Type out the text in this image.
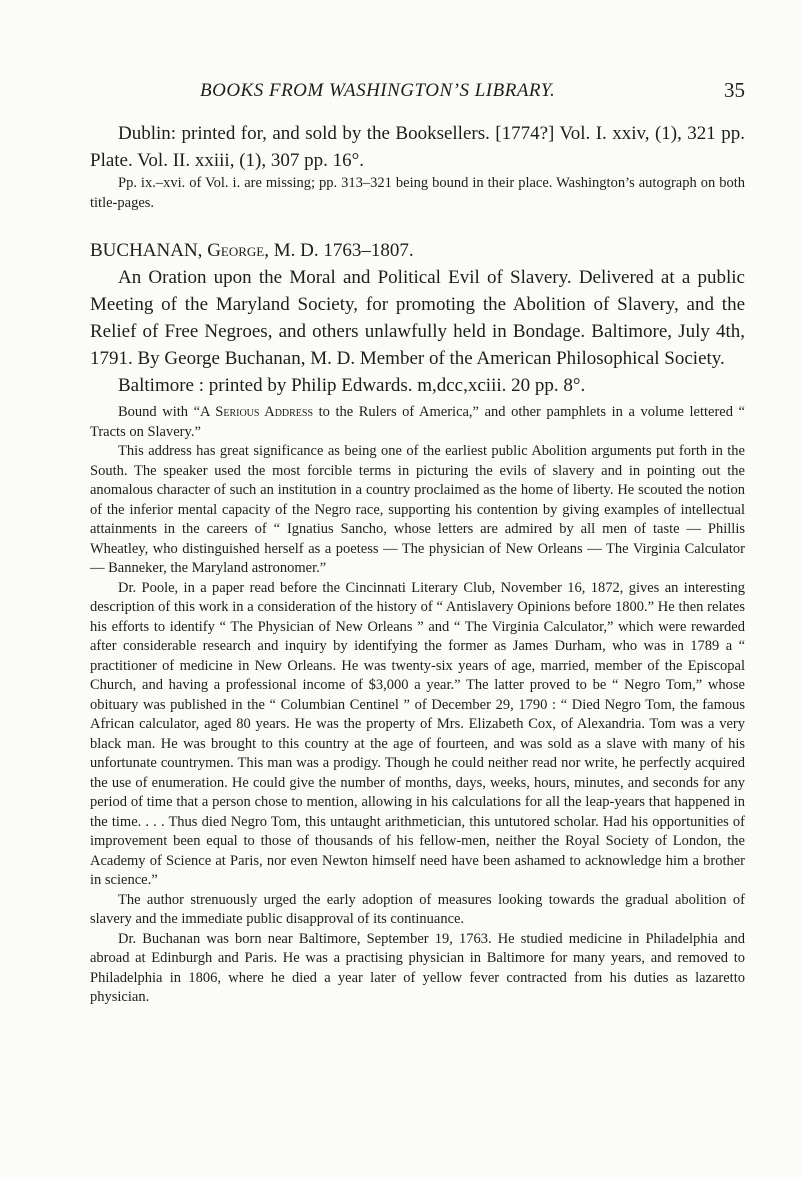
BOOKS FROM WASHINGTON’S LIBRARY.	35

Dublin: printed for, and sold by the Booksellers. [1774?] Vol. I. xxiv, (1), 321 pp. Plate. Vol. II. xxiii, (1), 307 pp. 16°.

Pp. ix.–xvi. of Vol. i. are missing; pp. 313–321 being bound in their place. Washington’s autograph on both title-pages.

BUCHANAN, George, M. D. 1763–1807.

An Oration upon the Moral and Political Evil of Slavery. Delivered at a public Meeting of the Maryland Society, for promoting the Abolition of Slavery, and the Relief of Free Negroes, and others unlawfully held in Bondage. Baltimore, July 4th, 1791. By George Buchanan, M. D. Member of the American Philosophical Society.

Baltimore : printed by Philip Edwards. m,dcc,xciii. 20 pp. 8°.

Bound with “A Serious Address to the Rulers of America,” and other pamphlets in a volume lettered “ Tracts on Slavery.”

This address has great significance as being one of the earliest public Abolition arguments put forth in the South. The speaker used the most forcible terms in picturing the evils of slavery and in pointing out the anomalous character of such an institution in a country proclaimed as the home of liberty. He scouted the notion of the inferior mental capacity of the Negro race, supporting his contention by giving examples of intellectual attainments in the careers of “ Ignatius Sancho, whose letters are admired by all men of taste — Phillis Wheatley, who distinguished herself as a poetess — The physician of New Orleans — The Virginia Calculator — Banneker, the Maryland astronomer.”

Dr. Poole, in a paper read before the Cincinnati Literary Club, November 16, 1872, gives an interesting description of this work in a consideration of the history of “ Antislavery Opinions before 1800.” He then relates his efforts to identify “ The Physician of New Orleans ” and “ The Virginia Calculator,” which were rewarded after considerable research and inquiry by identifying the former as James Durham, who was in 1789 a “ practitioner of medicine in New Orleans. He was twenty-six years of age, married, member of the Episcopal Church, and having a professional income of $3,000 a year.” The latter proved to be “ Negro Tom,” whose obituary was published in the “ Columbian Centinel ” of December 29, 1790 : “ Died Negro Tom, the famous African calculator, aged 80 years. He was the property of Mrs. Elizabeth Cox, of Alexandria. Tom was a very black man. He was brought to this country at the age of fourteen, and was sold as a slave with many of his unfortunate countrymen. This man was a prodigy. Though he could neither read nor write, he perfectly acquired the use of enumeration. He could give the number of months, days, weeks, hours, minutes, and seconds for any period of time that a person chose to mention, allowing in his calculations for all the leap-years that happened in the time. . . . Thus died Negro Tom, this untaught arithmetician, this untutored scholar. Had his opportunities of improvement been equal to those of thousands of his fellow-men, neither the Royal Society of London, the Academy of Science at Paris, nor even Newton himself need have been ashamed to acknowledge him a brother in science.”

The author strenuously urged the early adoption of measures looking towards the gradual abolition of slavery and the immediate public disapproval of its continuance.

Dr. Buchanan was born near Baltimore, September 19, 1763. He studied medicine in Philadelphia and abroad at Edinburgh and Paris. He was a practising physician in Baltimore for many years, and removed to Philadelphia in 1806, where he died a year later of yellow fever contracted from his duties as lazaretto physician.
